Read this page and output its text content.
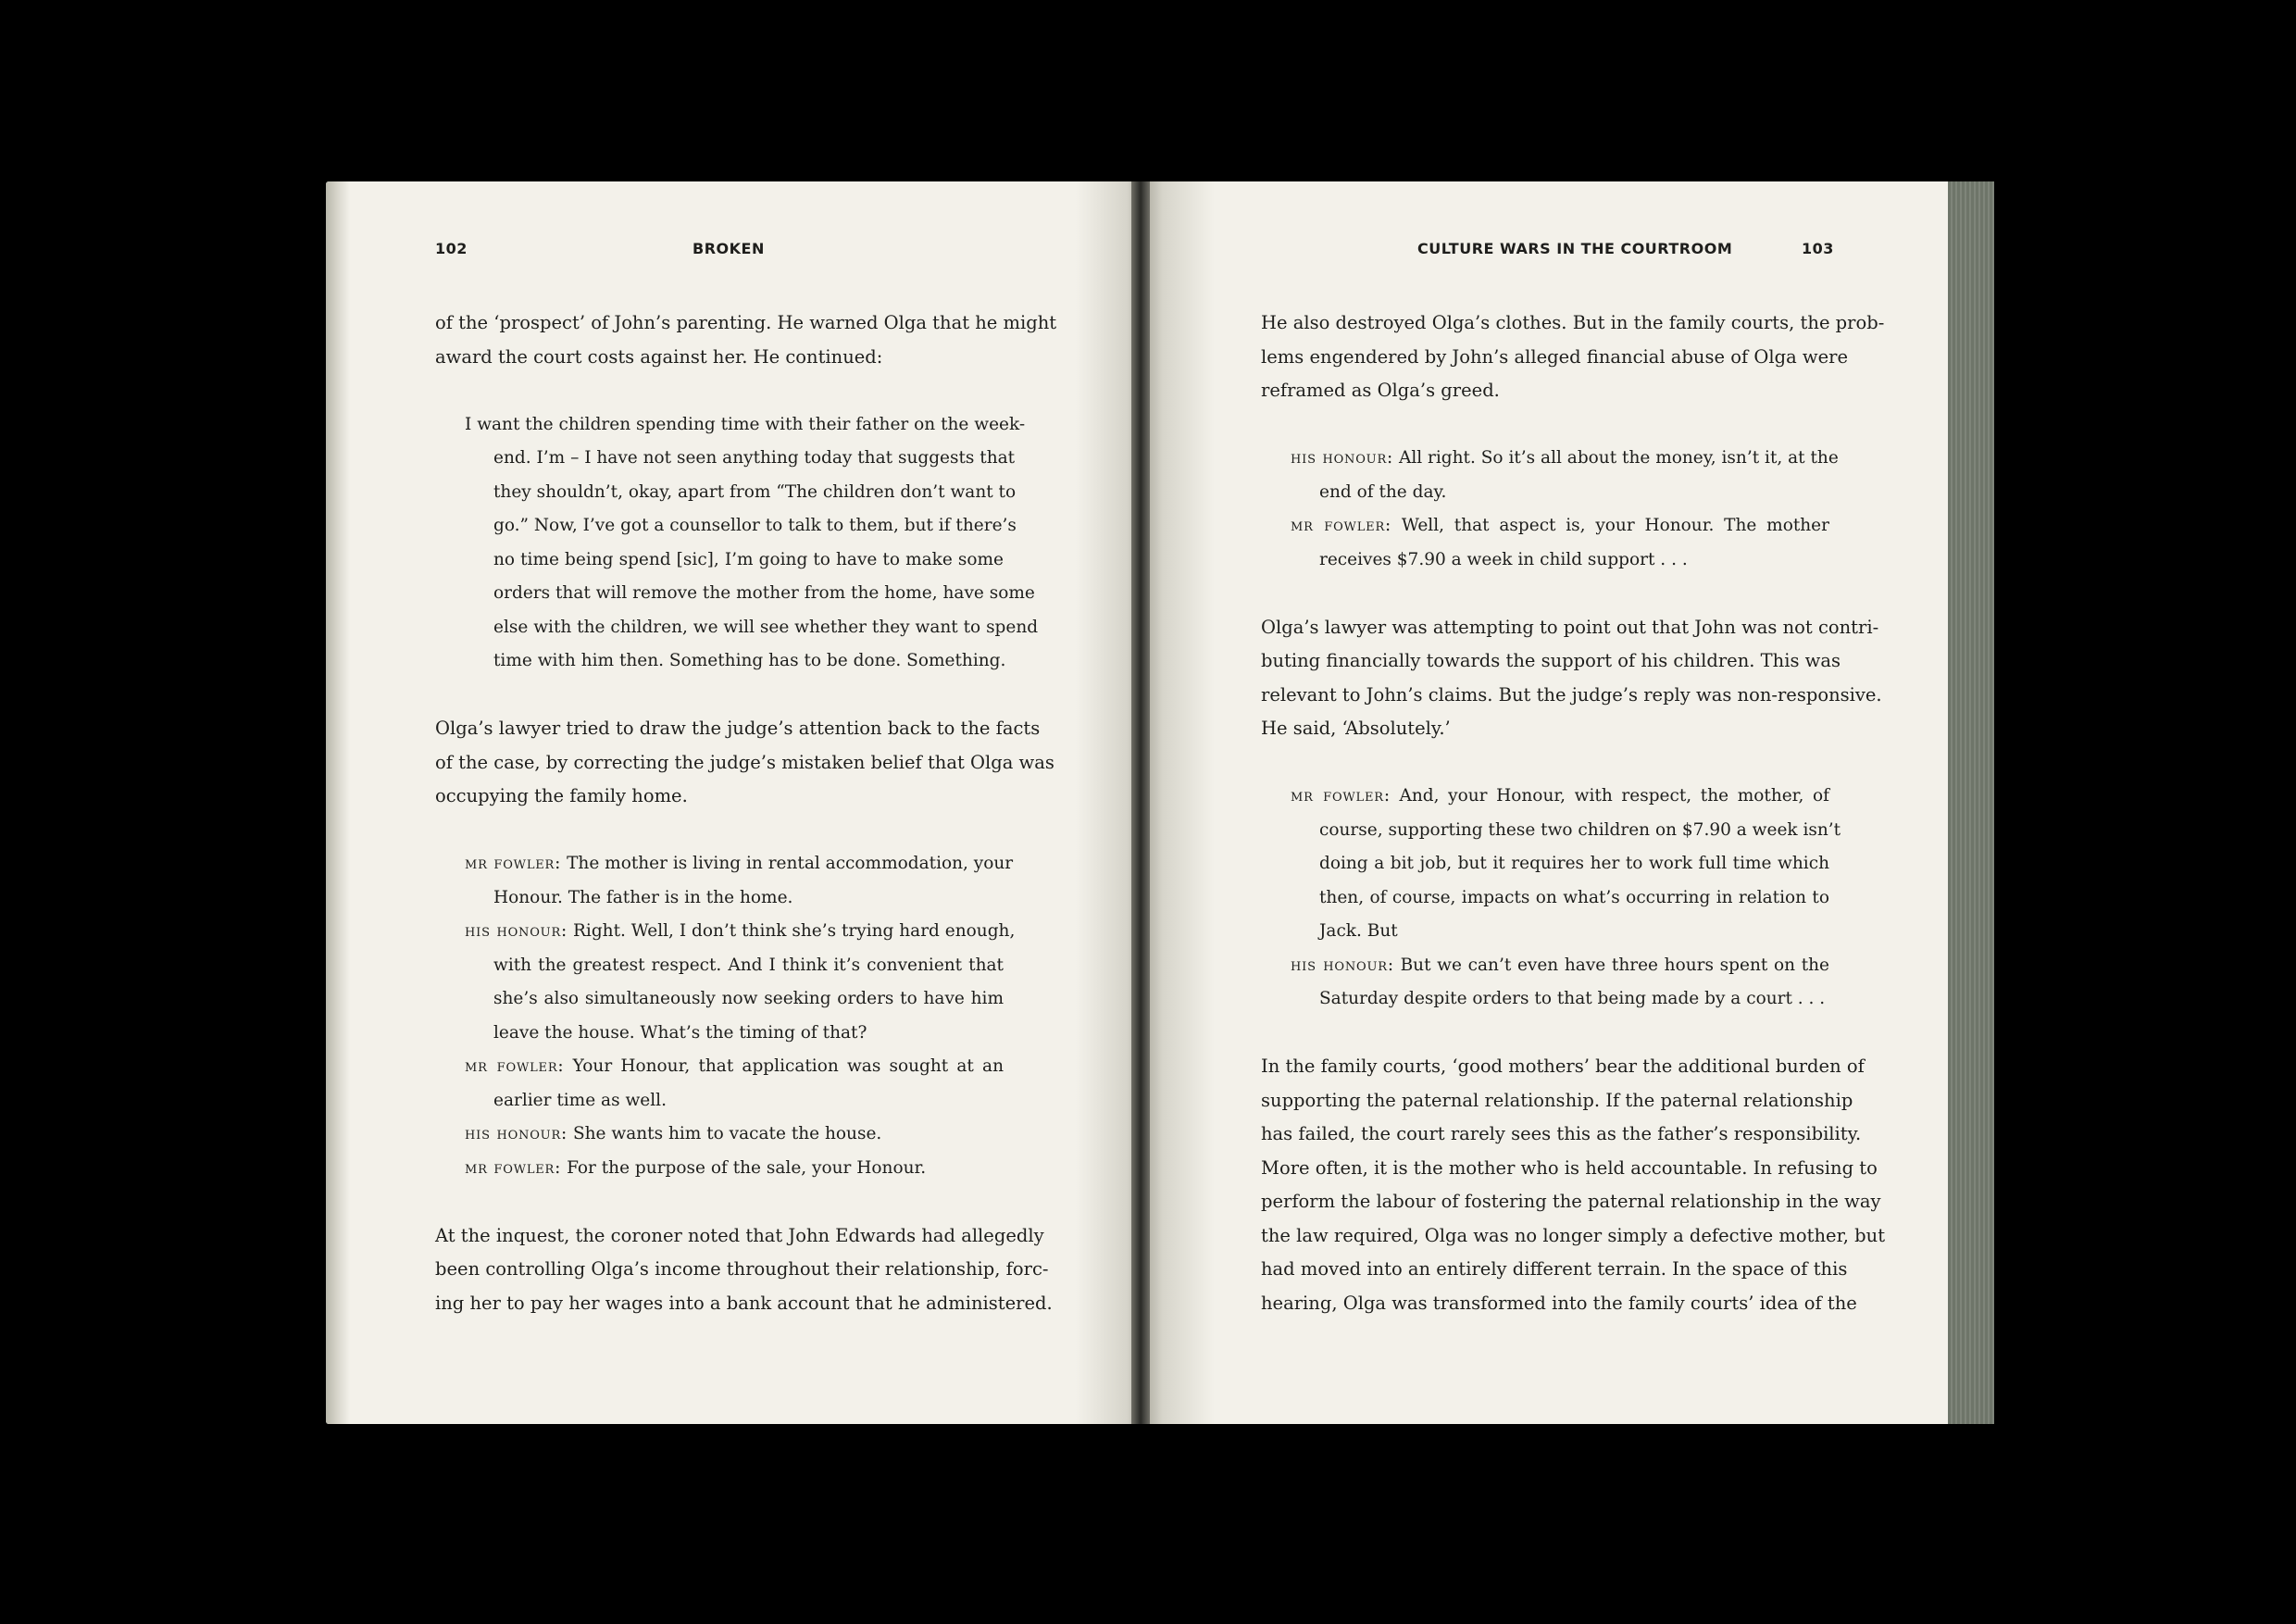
102	BROKEN
of the ‘prospect’ of John’s parenting. He warned Olga that he might
award the court costs against her. He continued:
I want the children spending time with their father on the week-
end. I’m – I have not seen anything today that suggests that
they shouldn’t, okay, apart from “The children don’t want to
go.” Now, I’ve got a counsellor to talk to them, but if there’s
no time being spend [sic], I’m going to have to make some
orders that will remove the mother from the home, have some
else with the children, we will see whether they want to spend
time with him then. Something has to be done. Something.
Olga’s lawyer tried to draw the judge’s attention back to the facts
of the case, by correcting the judge’s mistaken belief that Olga was
occupying the family home.
mr fowler: The mother is living in rental accommodation, your
Honour. The father is in the home.
his honour: Right. Well, I don’t think she’s trying hard enough,
with the greatest respect. And I think it’s convenient that
she’s also simultaneously now seeking orders to have him
leave the house. What’s the timing of that?
mr fowler: Your Honour, that application was sought at an
earlier time as well.
his honour: She wants him to vacate the house.
mr fowler: For the purpose of the sale, your Honour.
At the inquest, the coroner noted that John Edwards had allegedly
been controlling Olga’s income throughout their relationship, forc-
ing her to pay her wages into a bank account that he administered.
CULTURE WARS IN THE COURTROOM	103
He also destroyed Olga’s clothes. But in the family courts, the prob-
lems engendered by John’s alleged financial abuse of Olga were
reframed as Olga’s greed.
his honour: All right. So it’s all about the money, isn’t it, at the
end of the day.
mr fowler: Well, that aspect is, your Honour. The mother
receives $7.90 a week in child support . . .
Olga’s lawyer was attempting to point out that John was not contri-
buting financially towards the support of his children. This was
relevant to John’s claims. But the judge’s reply was non-responsive.
He said, ‘Absolutely.’
mr fowler: And, your Honour, with respect, the mother, of
course, supporting these two children on $7.90 a week isn’t
doing a bit job, but it requires her to work full time which
then, of course, impacts on what’s occurring in relation to
Jack. But
his honour: But we can’t even have three hours spent on the
Saturday despite orders to that being made by a court . . .
In the family courts, ‘good mothers’ bear the additional burden of
supporting the paternal relationship. If the paternal relationship
has failed, the court rarely sees this as the father’s responsibility.
More often, it is the mother who is held accountable. In refusing to
perform the labour of fostering the paternal relationship in the way
the law required, Olga was no longer simply a defective mother, but
had moved into an entirely different terrain. In the space of this
hearing, Olga was transformed into the family courts’ idea of the
